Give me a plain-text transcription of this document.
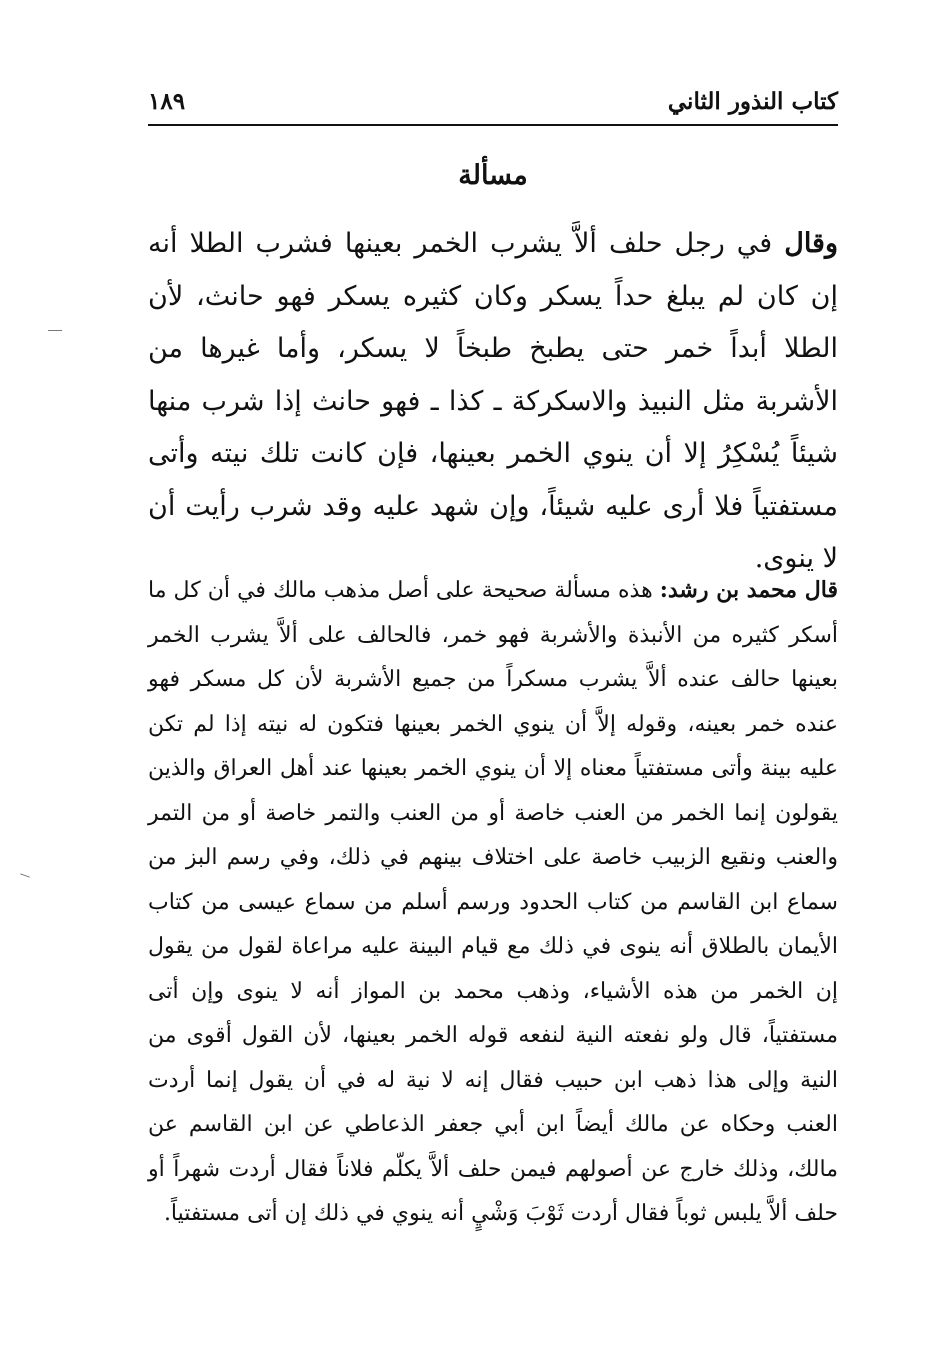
كتاب النذور الثاني
١٨٩
مسألة

وقال في رجل حلف ألاَّ يشرب الخمر بعينها فشرب الطلا أنه إن كان لم يبلغ حداً يسكر وكان كثيره يسكر فهو حانث، لأن الطلا أبداً خمر حتى يطبخ طبخاً لا يسكر، وأما غيرها من الأشربة مثل النبيذ والاسكركة ـ كذا ـ فهو حانث إذا شرب منها شيئاً يُسْكِرُ إلا أن ينوي الخمر بعينها، فإن كانت تلك نيته وأتى مستفتياً فلا أرى عليه شيئاً، وإن شهد عليه وقد شرب رأيت أن لا ينوى.

قال محمد بن رشد: هذه مسألة صحيحة على أصل مذهب مالك في أن كل ما أسكر كثيره من الأنبذة والأشربة فهو خمر، فالحالف على ألاَّ يشرب الخمر بعينها حالف عنده ألاَّ يشرب مسكراً من جميع الأشربة لأن كل مسكر فهو عنده خمر بعينه، وقوله إلاَّ أن ينوي الخمر بعينها فتكون له نيته إذا لم تكن عليه بينة وأتى مستفتياً معناه إلا أن ينوي الخمر بعينها عند أهل العراق والذين يقولون إنما الخمر من العنب خاصة أو من العنب والتمر خاصة أو من التمر والعنب ونقيع الزبيب خاصة على اختلاف بينهم في ذلك، وفي رسم البز من سماع ابن القاسم من كتاب الحدود ورسم أسلم من سماع عيسى من كتاب الأيمان بالطلاق أنه ينوى في ذلك مع قيام البينة عليه مراعاة لقول من يقول إن الخمر من هذه الأشياء، وذهب محمد بن المواز أنه لا ينوى وإن أتى مستفتياً، قال ولو نفعته النية لنفعه قوله الخمر بعينها، لأن القول أقوى من النية وإلى هذا ذهب ابن حبيب فقال إنه لا نية له في أن يقول إنما أردت العنب وحكاه عن مالك أيضاً ابن أبي جعفر الذعاطي عن ابن القاسم عن مالك، وذلك خارج عن أصولهم فيمن حلف ألاَّ يكلّم فلاناً فقال أردت شهراً أو حلف ألاَّ يلبس ثوباً فقال أردت ثَوْبَ وَشْيٍ أنه ينوي في ذلك إن أتى مستفتياً.
